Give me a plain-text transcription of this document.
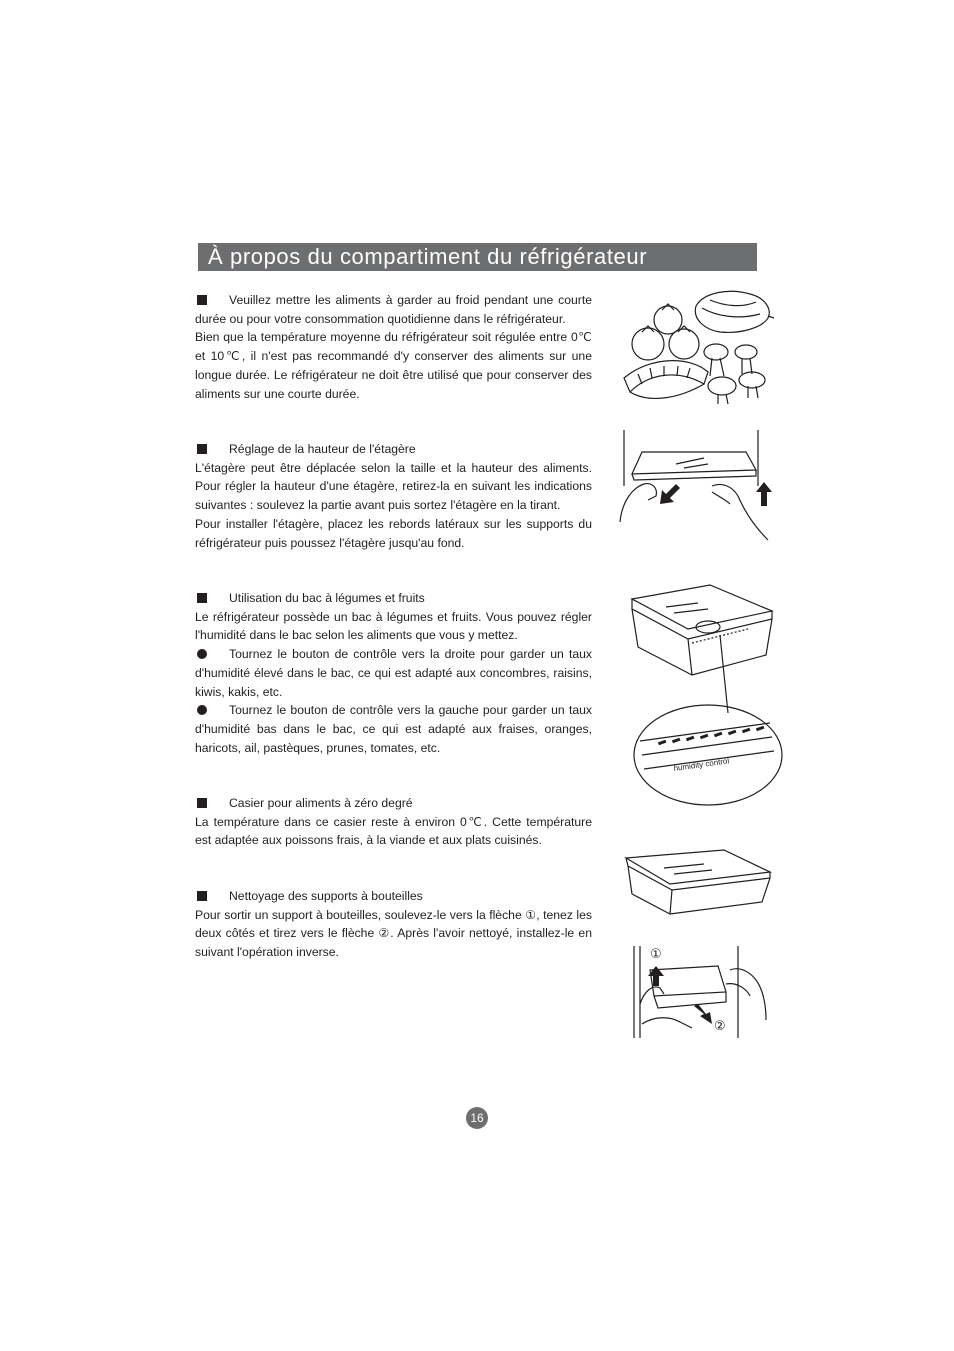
À propos du compartiment du réfrigérateur

Veuillez mettre les aliments à garder au froid pendant une courte durée ou pour votre consommation quotidienne dans le réfrigérateur.

Bien que la température moyenne du réfrigérateur soit régulée entre 0℃ et 10℃, il n'est pas recommandé d'y conserver des aliments sur une longue durée. Le réfrigérateur ne doit être utilisé que pour conserver des aliments sur une courte durée.

Réglage de la hauteur de l'étagère

L'étagère peut être déplacée selon la taille et la hauteur des aliments. Pour régler la hauteur d'une étagère, retirez-la en suivant les indications suivantes : soulevez la partie avant puis sortez l'étagère en la tirant.

Pour installer l'étagère, placez les rebords latéraux sur les supports du réfrigérateur puis poussez l'étagère jusqu'au fond.

Utilisation du bac à légumes et fruits

Le réfrigérateur possède un bac à légumes et fruits. Vous pouvez régler l'humidité dans le bac selon les aliments que vous y mettez.

Tournez le bouton de contrôle vers la droite pour garder un taux d'humidité élevé dans le bac, ce qui est adapté aux concombres, raisins, kiwis, kakis, etc.

Tournez le bouton de contrôle vers la gauche pour garder un taux d'humidité bas dans le bac, ce qui est adapté aux fraises, oranges, haricots, ail, pastèques, prunes, tomates, etc.

Casier pour aliments à zéro degré

La température dans ce casier reste à environ 0℃. Cette température est adaptée aux poissons frais, à la viande et aux plats cuisinés.

Nettoyage des supports à bouteilles

Pour sortir un support à bouteilles, soulevez-le vers la flèche ①, tenez les deux côtés et tirez vers le flèche ②. Après l'avoir nettoyé, installez-le en suivant l'opération inverse.

humidity control
①
②
16
